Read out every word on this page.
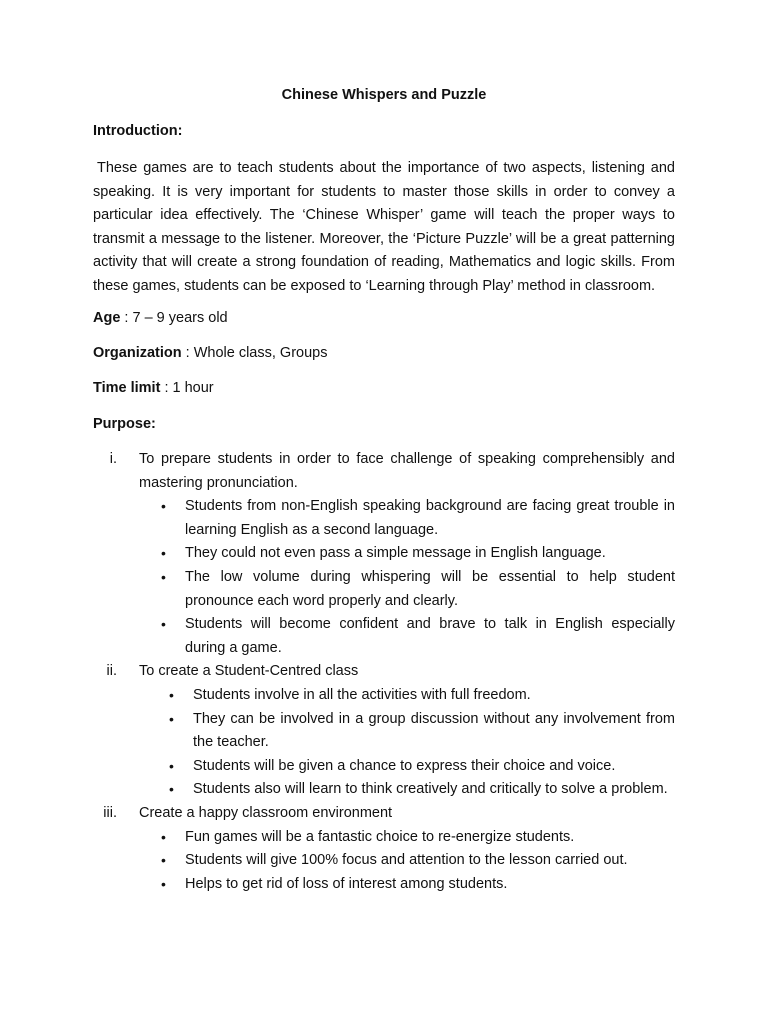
Chinese Whispers and Puzzle
Introduction:

These games are to teach students about the importance of two aspects, listening and speaking. It is very important for students to master those skills in order to convey a particular idea effectively. The ‘Chinese Whisper’ game will teach the proper ways to transmit a message to the listener. Moreover, the ‘Picture Puzzle’ will be a great patterning activity that will create a strong foundation of reading, Mathematics and logic skills. From these games, students can be exposed to ‘Learning through Play’ method in classroom.

Age : 7 – 9 years old
Organization : Whole class, Groups
Time limit : 1 hour
Purpose:
i. To prepare students in order to face challenge of speaking comprehensibly and mastering pronunciation.
• Students from non-English speaking background are facing great trouble in learning English as a second language.
• They could not even pass a simple message in English language.
• The low volume during whispering will be essential to help student pronounce each word properly and clearly.
• Students will become confident and brave to talk in English especially during a game.
ii. To create a Student-Centred class
• Students involve in all the activities with full freedom.
• They can be involved in a group discussion without any involvement from the teacher.
• Students will be given a chance to express their choice and voice.
• Students also will learn to think creatively and critically to solve a problem.
iii. Create a happy classroom environment
• Fun games will be a fantastic choice to re-energize students.
• Students will give 100% focus and attention to the lesson carried out.
• Helps to get rid of loss of interest among students.
